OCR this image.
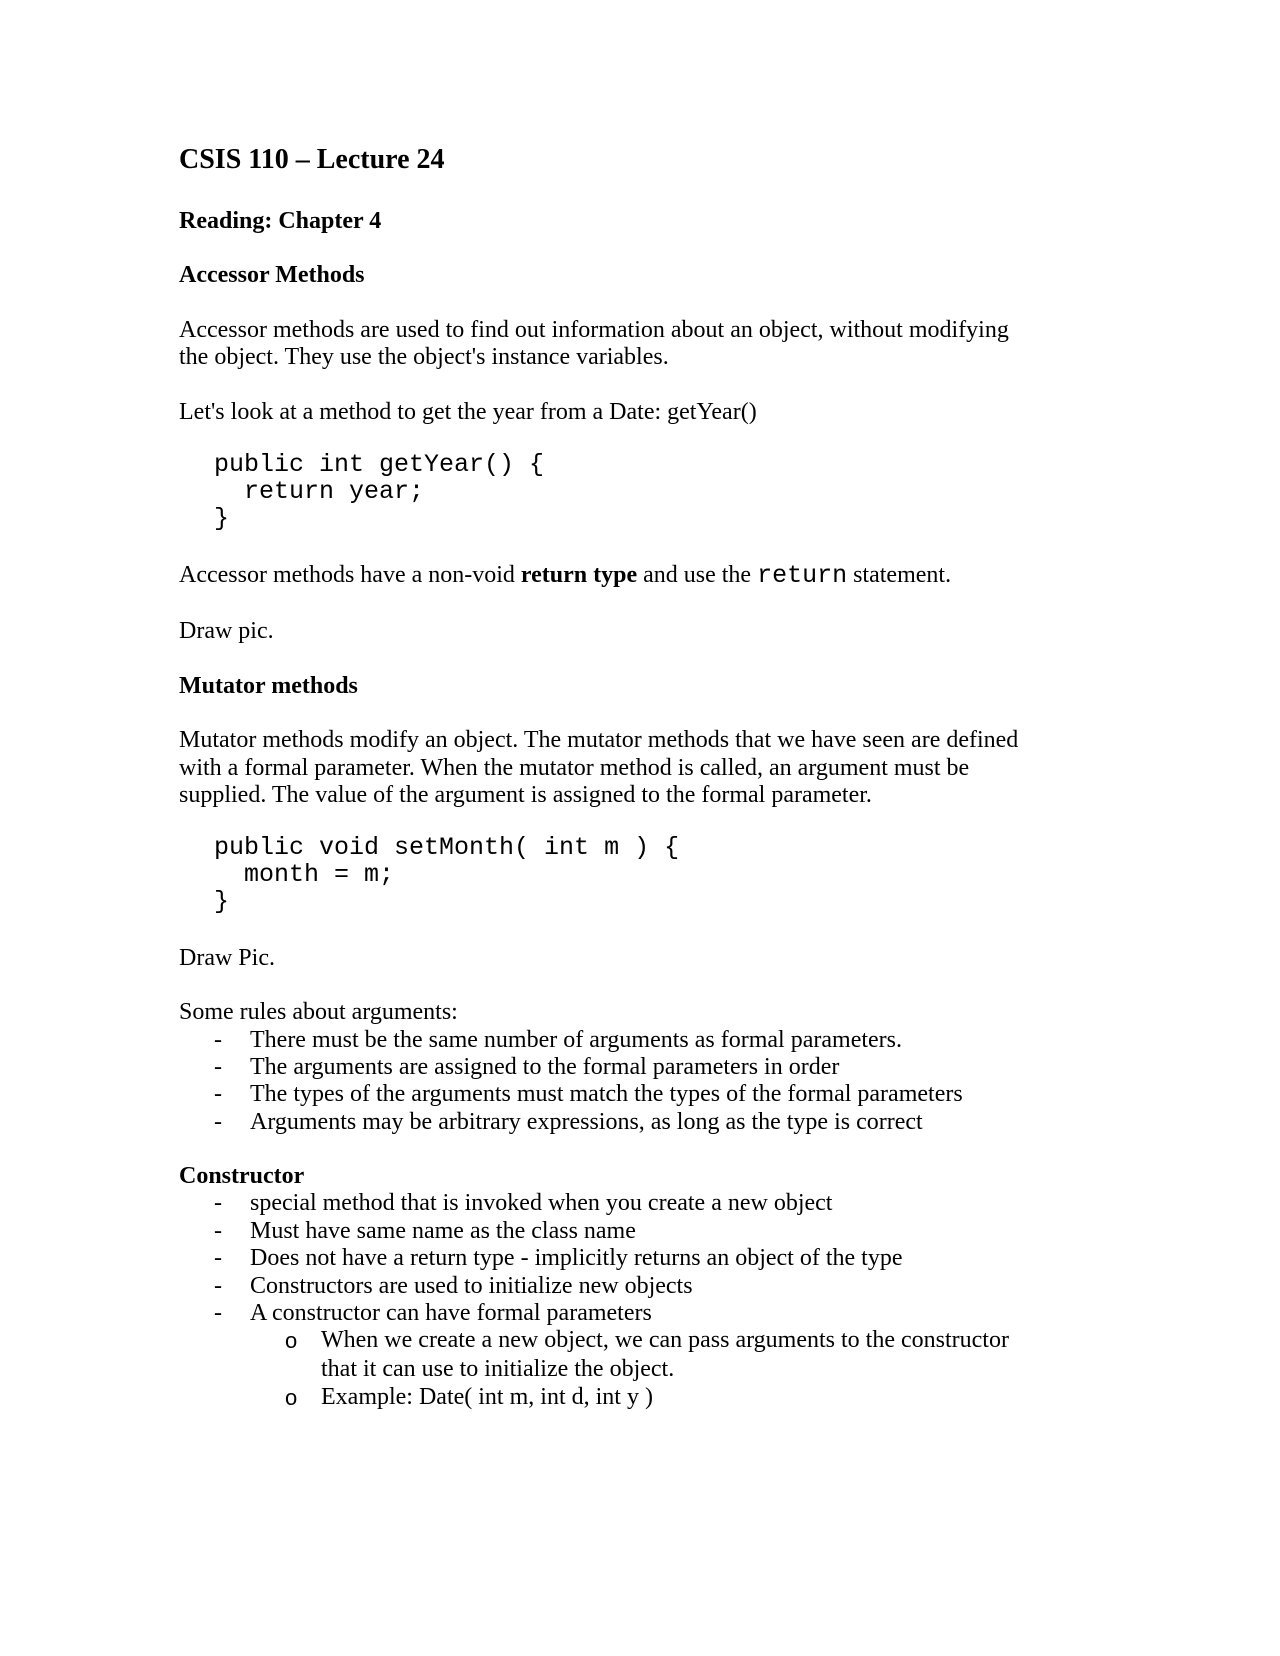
CSIS 110 – Lecture 24
Reading: Chapter 4
Accessor Methods
Accessor methods are used to find out information about an object, without modifying
the object. They use the object's instance variables.
Let's look at a method to get the year from a Date: getYear()
public int getYear() {
return year;
}
Accessor methods have a non-void return type and use the return statement.
Draw pic.
Mutator methods
Mutator methods modify an object. The mutator methods that we have seen are defined
with a formal parameter. When the mutator method is called, an argument must be
supplied. The value of the argument is assigned to the formal parameter.
public void setMonth( int m ) {
month = m;
}
Draw Pic.
Some rules about arguments:
- There must be the same number of arguments as formal parameters.
- The arguments are assigned to the formal parameters in order
- The types of the arguments must match the types of the formal parameters
- Arguments may be arbitrary expressions, as long as the type is correct
Constructor
- special method that is invoked when you create a new object
- Must have same name as the class name
- Does not have a return type - implicitly returns an object of the type
- Constructors are used to initialize new objects
- A constructor can have formal parameters
o When we create a new object, we can pass arguments to the constructor
that it can use to initialize the object.
o Example: Date( int m, int d, int y )
